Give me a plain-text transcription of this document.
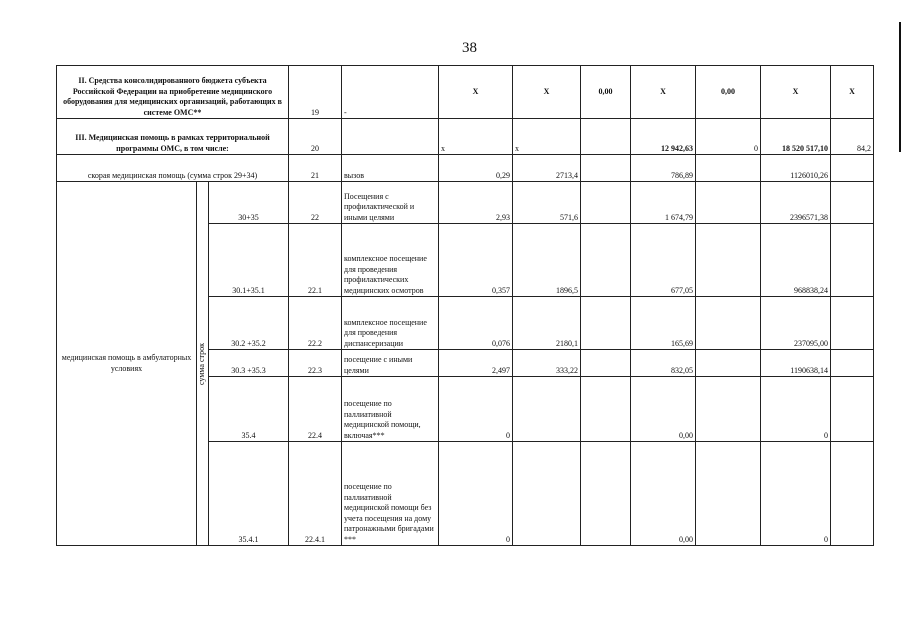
38
II. Средства консолидированного бюджета субъекта Российской Федерации на приобретение медицинского оборудования для медицинских организаций, работающих в системе ОМС**			19	-	X	X	0,00	X	0,00	X	X
III. Медицинская помощь в рамках территориальной программы ОМС, в том числе:			20		x	x		12 942,63	0	18 520 517,10	84,2
скорая медицинская помощь (сумма строк 29+34)			21	вызов	0,29	2713,4		786,89		1126010,26	
медицинская помощь в амбулаторных условиях	сумма строк	30+35	22	Посещения с профилактической и иными целями	2,93	571,6		1 674,79		2396571,38	
		30.1+35.1	22.1	комплексное посещение для проведения профилактических медицинских осмотров	0,357	1896,5		677,05		968838,24	
		30.2 +35.2	22.2	комплексное посещение для проведения диспансеризации	0,076	2180,1		165,69		237095,00	
		30.3 +35.3	22.3	посещение с иными целями	2,497	333,22		832,05		1190638,14	
		35.4	22.4	посещение по паллиативной медицинской помощи, включая***	0			0,00		0	
		35.4.1	22.4.1	посещение по паллиативной медицинской помощи без учета посещения на дому патронажными бригадами ***	0			0,00		0	
